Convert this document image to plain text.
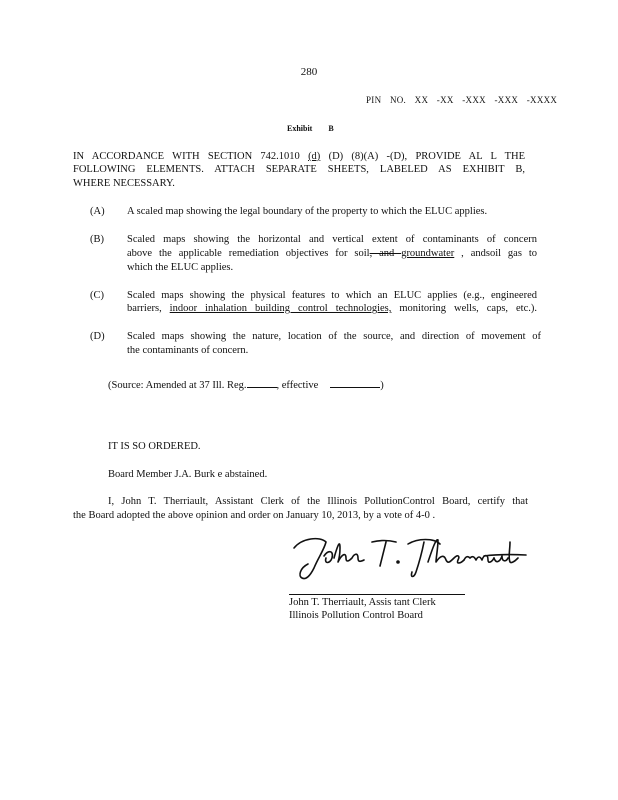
280
PIN NO. XX -XX -XXX -XXX -XXXX
Exhibit B
IN ACCORDANCE WITH SECTION 742.1010 (d) (D) (8)(A) -(D), PROVIDE AL L THE
FOLLOWING ELEMENTS. ATTACH SEPARATE SHEETS, LABELED AS EXHIBIT B,
WHERE NECESSARY.
(A) A scaled map showing the legal boundary of the property to which the ELUC applies.
(B) Scaled maps showing the horizontal and vertical extent of contaminants of concern
above the applicable remediation objectives for soil, and groundwater , andsoil gas to
which the ELUC applies.
(C) Scaled maps showing the physical features to which an ELUC applies (e.g., engineered
barriers, indoor inhalation building control technologies, monitoring wells, caps, etc.).
(D) Scaled maps showing the nature, location of the source, and direction of movement of
the contaminants of concern.
(Source: Amended at 37 Ill. Reg.	, effective	)
IT IS SO ORDERED.
Board Member J.A. Burk e abstained.
I, John T. Therriault, Assistant Clerk of the Illinois PollutionControl Board, certify that
the Board adopted the above opinion and order on January 10, 2013, by a vote of 4-0 .
John T. Therriault, Assis tant Clerk
Illinois Pollution Control Board
